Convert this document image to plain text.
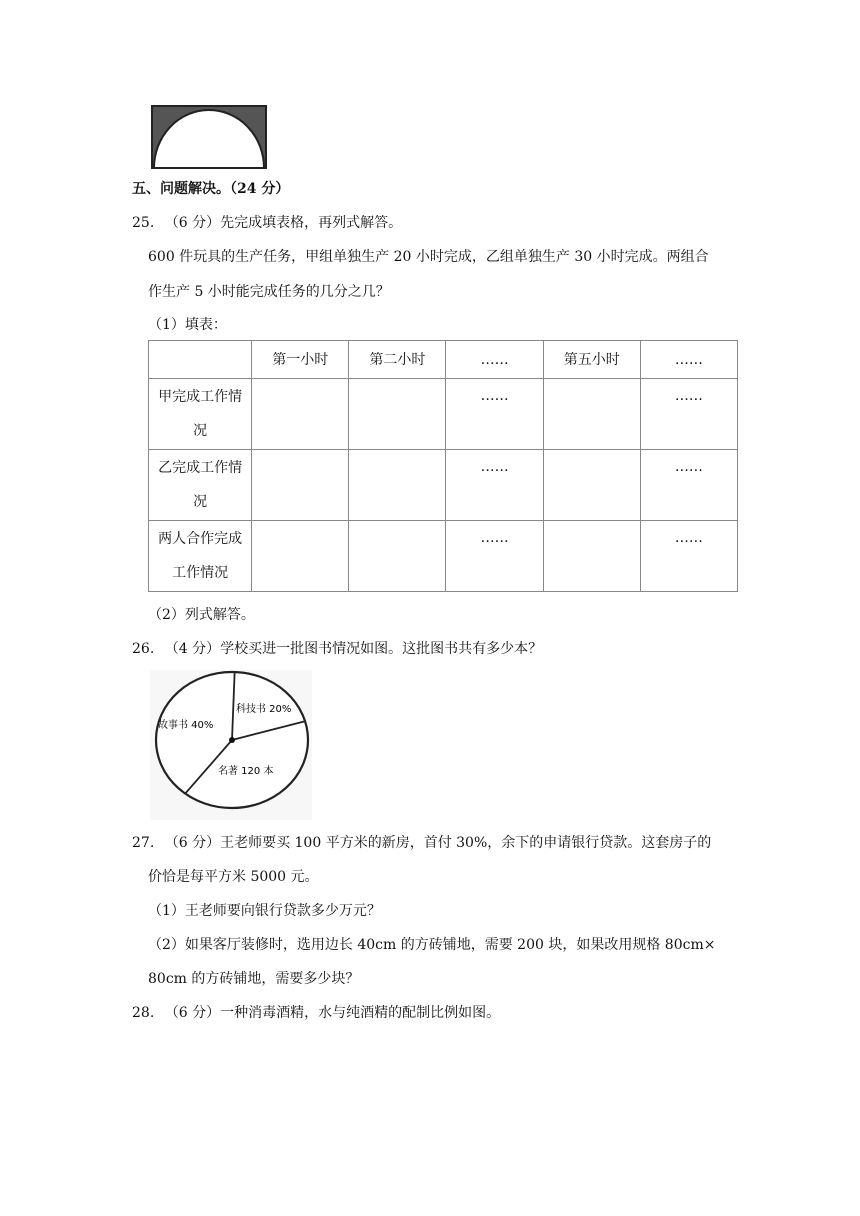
五、问题解决。（24 分）
25. （6 分）先完成填表格，再列式解答。
600 件玩具的生产任务，甲组单独生产 20 小时完成，乙组单独生产 30 小时完成。两组合
作生产 5 小时能完成任务的几分之几？
（1）填表：
	第一小时	第二小时	……	第五小时	……

甲完成工作情
况			……		……

乙完成工作情
况			……		……

两人合作完成
工作情况			……		……
（2）列式解答。
26. （4 分）学校买进一批图书情况如图。这批图书共有多少本？
故事书 40%
科技书 20%
名著 120 本
27. （6 分）王老师要买 100 平方米的新房，首付 30%，余下的申请银行贷款。这套房子的
价恰是每平方米 5000 元。
（1）王老师要向银行贷款多少万元？
（2）如果客厅装修时，选用边长 40cm 的方砖铺地，需要 200 块，如果改用规格 80cm×
80cm 的方砖铺地，需要多少块？
28. （6 分）一种消毒酒精，水与纯酒精的配制比例如图。
